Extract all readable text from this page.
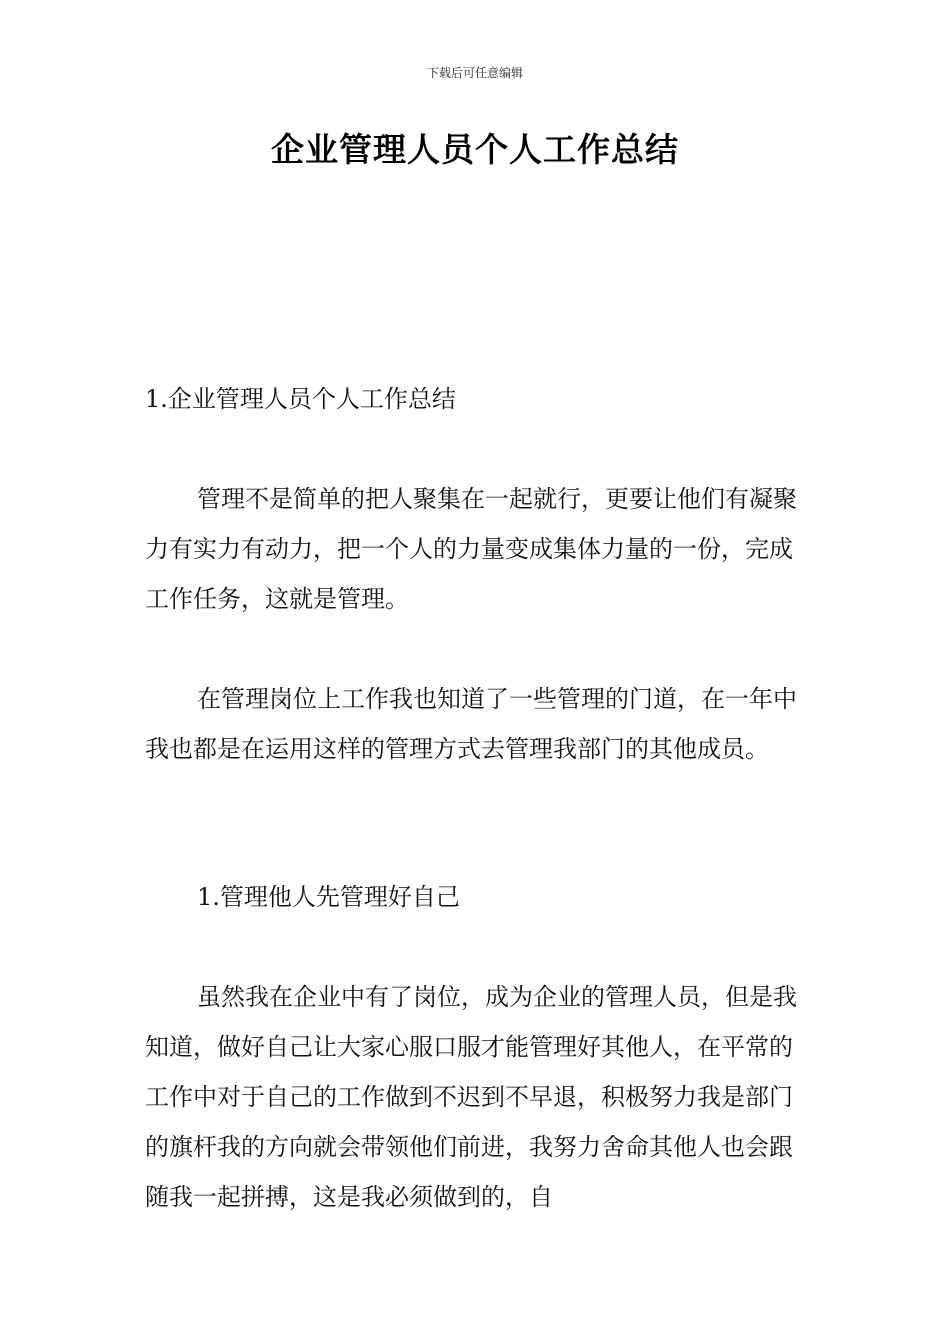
下载后可任意编辑
企业管理人员个人工作总结

1.企业管理人员个人工作总结

管理不是简单的把人聚集在一起就行，更要让他们有凝聚力有实力有动力，把一个人的力量变成集体力量的一份，完成工作任务，这就是管理。

在管理岗位上工作我也知道了一些管理的门道，在一年中我也都是在运用这样的管理方式去管理我部门的其他成员。

1.管理他人先管理好自己

虽然我在企业中有了岗位，成为企业的管理人员，但是我知道，做好自己让大家心服口服才能管理好其他人，在平常的工作中对于自己的工作做到不迟到不早退，积极努力我是部门的旗杆我的方向就会带领他们前进，我努力舍命其他人也会跟随我一起拼搏，这是我必须做到的，自
